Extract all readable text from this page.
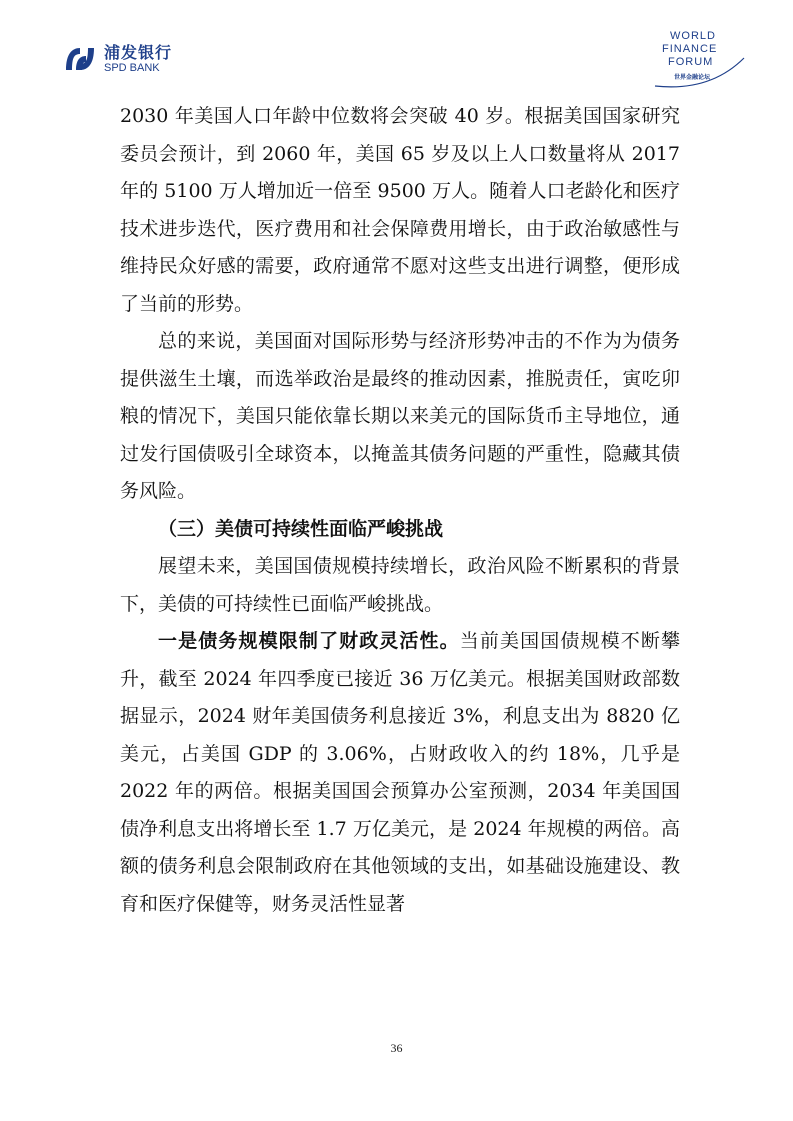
浦发银行
SPD BANK
WORLD
FINANCE
FORUM
世界金融论坛

2030 年美国人口年龄中位数将会突破 40 岁。根据美国国家研究委员会预计，到 2060 年，美国 65 岁及以上人口数量将从 2017 年的 5100 万人增加近一倍至 9500 万人。随着人口老龄化和医疗技术进步迭代，医疗费用和社会保障费用增长，由于政治敏感性与维持民众好感的需要，政府通常不愿对这些支出进行调整，便形成了当前的形势。

总的来说，美国面对国际形势与经济形势冲击的不作为为债务提供滋生土壤，而选举政治是最终的推动因素，推脱责任，寅吃卯粮的情况下，美国只能依靠长期以来美元的国际货币主导地位，通过发行国债吸引全球资本，以掩盖其债务问题的严重性，隐藏其债务风险。

（三）美债可持续性面临严峻挑战

展望未来，美国国债规模持续增长，政治风险不断累积的背景下，美债的可持续性已面临严峻挑战。

一是债务规模限制了财政灵活性。当前美国国债规模不断攀升，截至 2024 年四季度已接近 36 万亿美元。根据美国财政部数据显示，2024 财年美国债务利息接近 3%，利息支出为 8820 亿美元，占美国 GDP 的 3.06%，占财政收入的约 18%，几乎是 2022 年的两倍。根据美国国会预算办公室预测，2034 年美国国债净利息支出将增长至 1.7 万亿美元，是 2024 年规模的两倍。高额的债务利息会限制政府在其他领域的支出，如基础设施建设、教育和医疗保健等，财务灵活性显著

36
